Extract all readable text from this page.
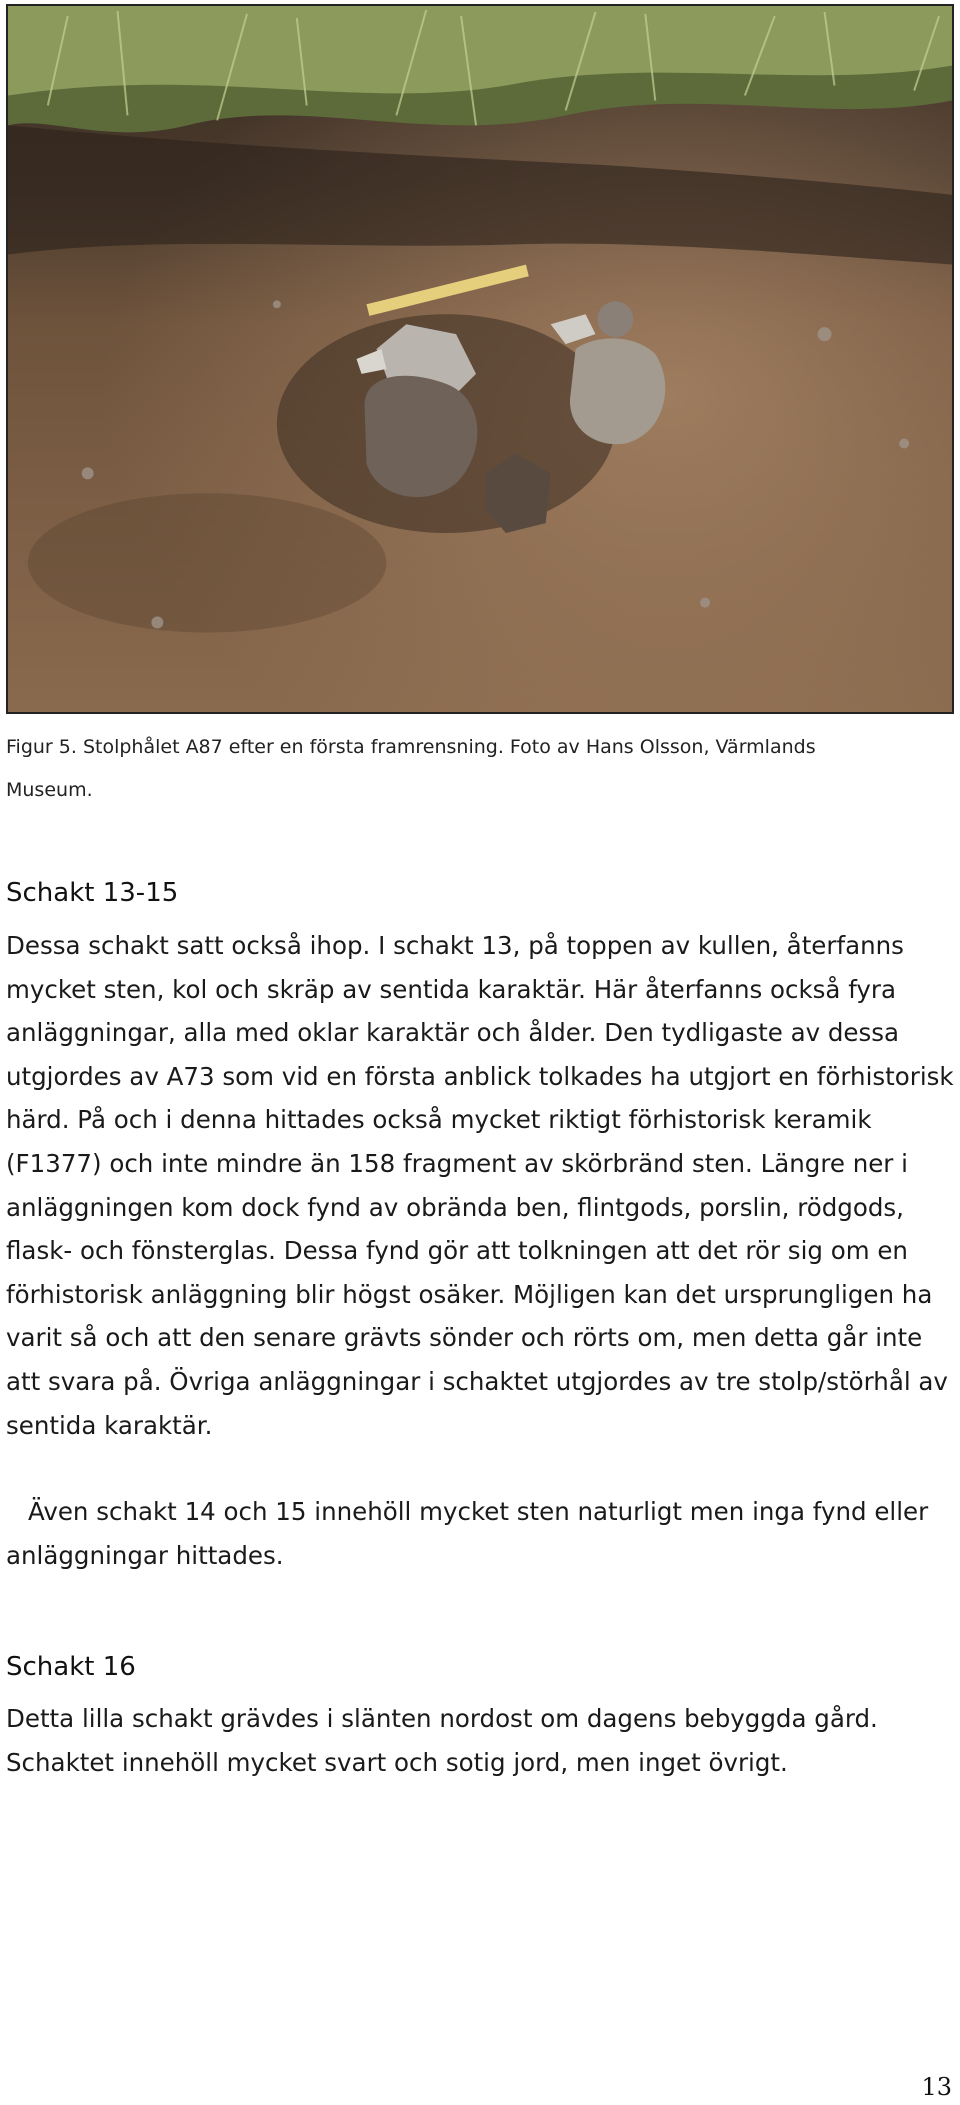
Figur 5. Stolphålet A87 efter en första framrensning. Foto av Hans Olsson, Värmlands
Museum.
Schakt 13-15

Dessa schakt satt också ihop. I schakt 13, på toppen av kullen, återfanns mycket sten, kol och skräp av sentida karaktär. Här återfanns också fyra anläggningar, alla med oklar karaktär och ålder. Den tydligaste av dessa utgjordes av A73 som vid en första anblick tolkades ha utgjort en förhistorisk härd. På och i denna hittades också mycket riktigt förhistorisk keramik (F1377) och inte mindre än 158 fragment av skörbränd sten. Längre ner i anläggningen kom dock fynd av obrända ben, flintgods, porslin, rödgods, flask- och fönsterglas. Dessa fynd gör att tolkningen att det rör sig om en förhistorisk anläggning blir högst osäker. Möjligen kan det ursprungligen ha varit så och att den senare grävts sönder och rörts om, men detta går inte att svara på. Övriga anläggningar i schaktet utgjordes av tre stolp/störhål av sentida karaktär.

Även schakt 14 och 15 innehöll mycket sten naturligt men inga fynd eller anläggningar hittades.

Schakt 16

Detta lilla schakt grävdes i slänten nordost om dagens bebyggda gård. Schaktet innehöll mycket svart och sotig jord, men inget övrigt.

13
